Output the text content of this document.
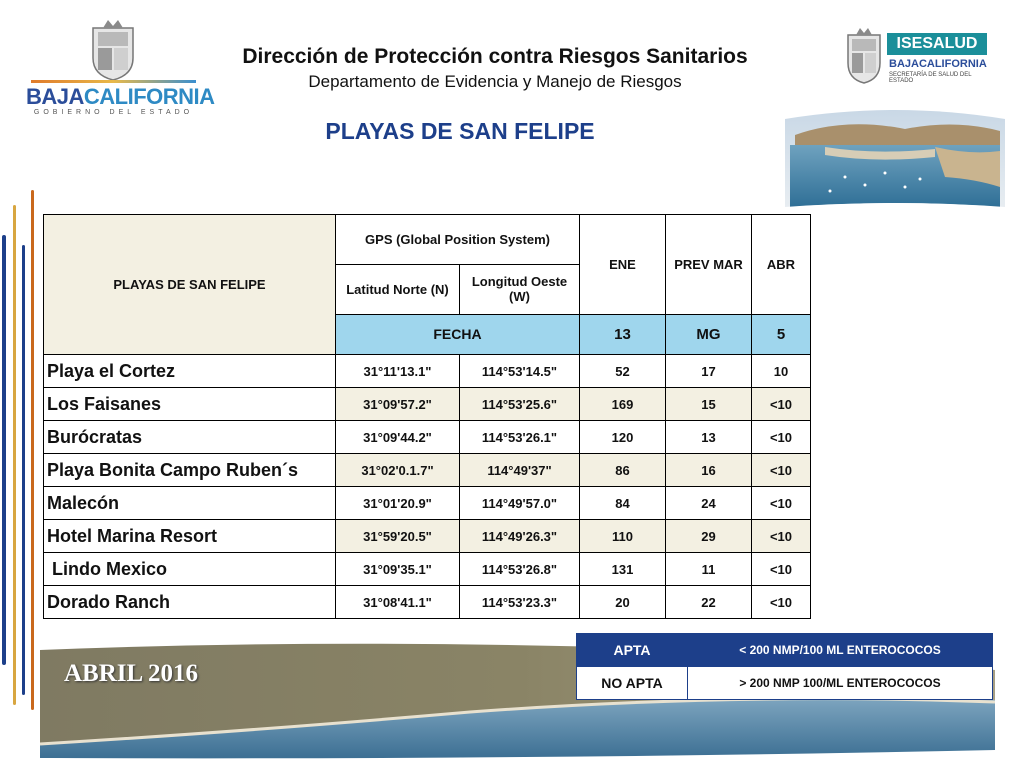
BAJACALIFORNIA
GOBIERNO DEL ESTADO
Dirección de Protección contra Riesgos Sanitarios
Departamento de Evidencia y Manejo de Riesgos
PLAYAS DE SAN FELIPE
ISESALUD
BAJACALIFORNIA
SECRETARÍA DE SALUD DEL ESTADO
PLAYAS DE SAN FELIPE	GPS (Global Position System)		ENE	PREV MAR	ABR
	Latitud Norte (N)	Longitud Oeste (W)			
	FECHA		13	MG	5
Playa el Cortez	31°11'13.1"	114°53'14.5"	52	17	10
Los Faisanes	31°09'57.2"	114°53'25.6"	169	15	<10
Burócratas	31°09'44.2"	114°53'26.1"	120	13	<10
Playa Bonita Campo Ruben´s	31°02'0.1.7"	114°49'37"	86	16	<10
Malecón	31°01'20.9"	114°49'57.0"	84	24	<10
Hotel Marina Resort	31°59'20.5"	114°49'26.3"	110	29	<10
Lindo Mexico	31°09'35.1"	114°53'26.8"	131	11	<10
Dorado Ranch	31°08'41.1"	114°53'23.3"	20	22	<10
ABRIL 2016
APTA	< 200 NMP/100 ML ENTEROCOCOS
NO APTA	> 200 NMP 100/ML ENTEROCOCOS
